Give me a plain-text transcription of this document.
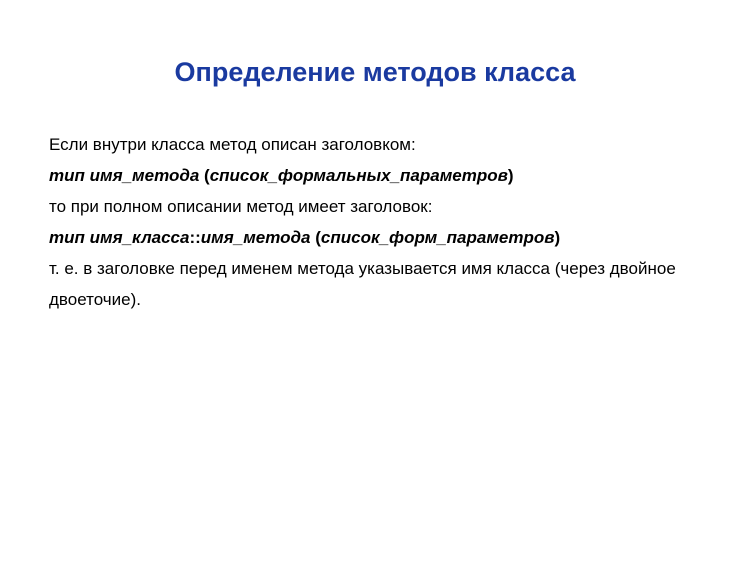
Определение методов класса
Если внутри класса метод описан заголовком:
тип имя_метода (список_формальных_параметров)
то при полном описании метод имеет заголовок:
тип имя_класса::имя_метода (список_форм_параметров)
т. е. в заголовке перед именем метода указывается имя класса (через двойное двоеточие).
